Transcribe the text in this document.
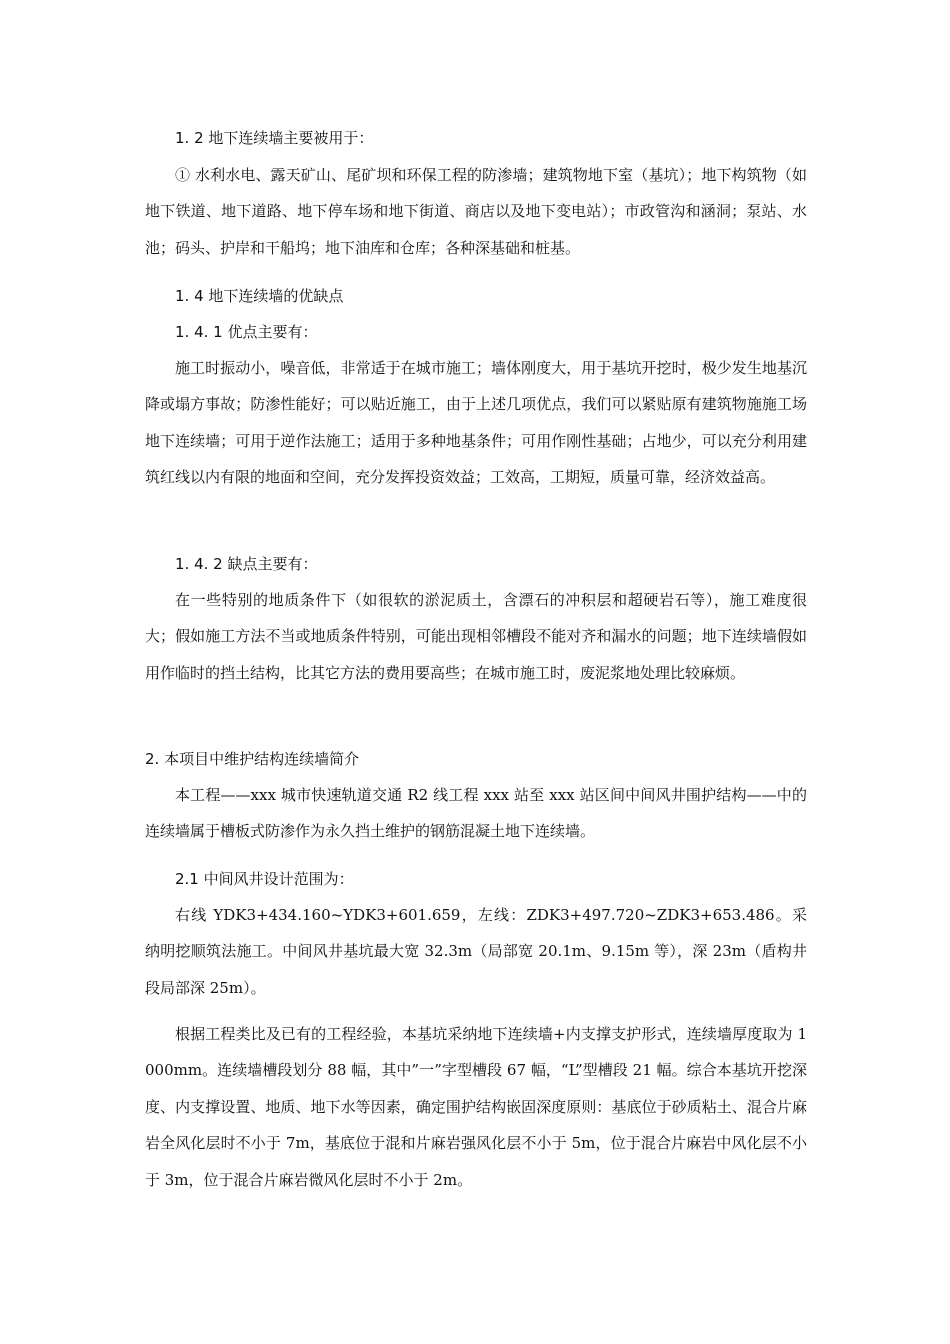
1. 2 地下连续墙主要被用于：

① 水利水电、露天矿山、尾矿坝和环保工程的防渗墙；建筑物地下室（基坑）；地下构筑物（如地下铁道、地下道路、地下停车场和地下街道、商店以及地下变电站）；市政管沟和涵洞；泵站、水池；码头、护岸和干船坞；地下油库和仓库；各种深基础和桩基。

1. 4 地下连续墙的优缺点
1. 4. 1 优点主要有：

施工时振动小，噪音低，非常适于在城市施工；墙体刚度大，用于基坑开挖时，极少发生地基沉降或塌方事故；防渗性能好；可以贴近施工，由于上述几项优点，我们可以紧贴原有建筑物施施工场地下连续墙；可用于逆作法施工；适用于多种地基条件；可用作刚性基础；占地少，可以充分利用建筑红线以内有限的地面和空间，充分发挥投资效益；工效高，工期短，质量可靠，经济效益高。

1. 4. 2 缺点主要有：

在一些特别的地质条件下（如很软的淤泥质土，含漂石的冲积层和超硬岩石等），施工难度很大；假如施工方法不当或地质条件特别，可能出现相邻槽段不能对齐和漏水的问题；地下连续墙假如用作临时的挡土结构，比其它方法的费用要高些；在城市施工时，废泥浆地处理比较麻烦。

2. 本项目中维护结构连续墙简介

本工程——xxx 城市快速轨道交通 R2 线工程 xxx 站至 xxx 站区间中间风井围护结构——中的连续墙属于槽板式防渗作为永久挡土维护的钢筋混凝土地下连续墙。

2.1 中间风井设计范围为：

右线 YDK3+434.160~YDK3+601.659，左线：ZDK3+497.720~ZDK3+653.486。采纳明挖顺筑法施工。中间风井基坑最大宽 32.3m（局部宽 20.1m、9.15m 等），深 23m（盾构井段局部深 25m）。

根据工程类比及已有的工程经验，本基坑采纳地下连续墙+内支撑支护形式，连续墙厚度取为 1000mm。连续墙槽段划分 88 幅，其中”一”字型槽段 67 幅，“L”型槽段 21 幅。综合本基坑开挖深度、内支撑设置、地质、地下水等因素，确定围护结构嵌固深度原则：基底位于砂质粘土、混合片麻岩全风化层时不小于 7m，基底位于混和片麻岩强风化层不小于 5m，位于混合片麻岩中风化层不小于 3m，位于混合片麻岩微风化层时不小于 2m。
